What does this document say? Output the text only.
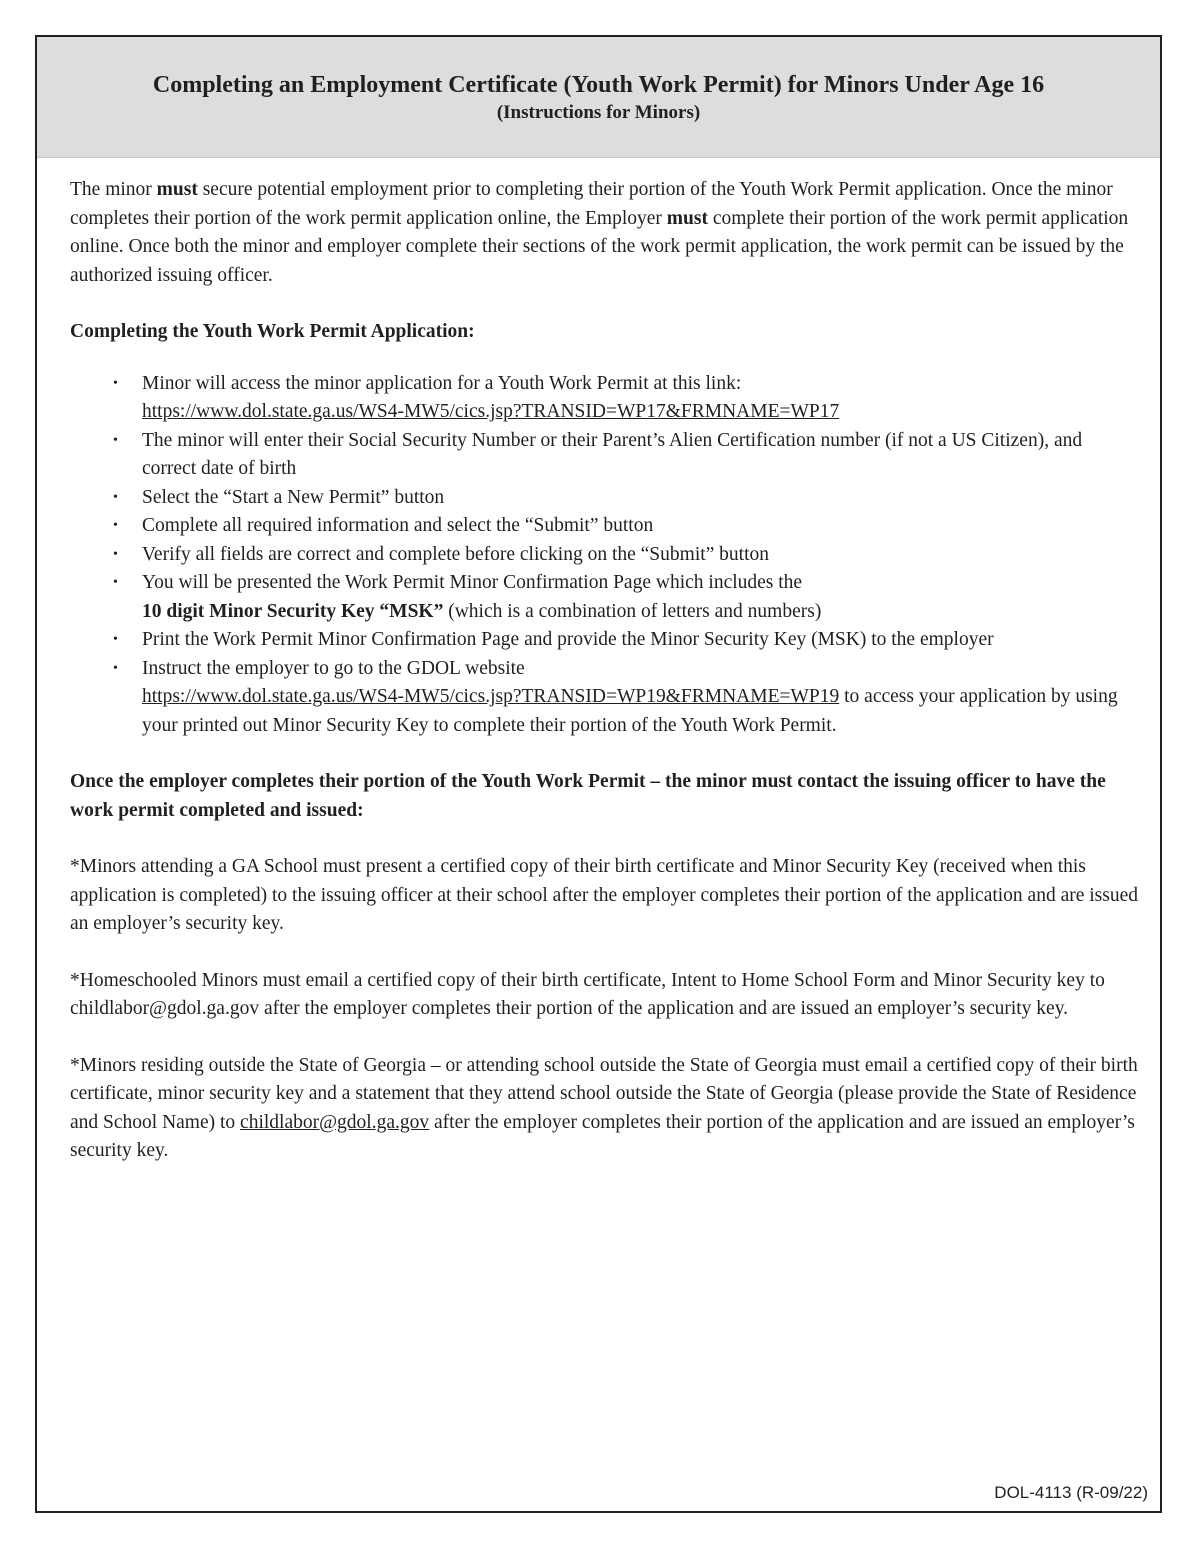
Completing an Employment Certificate (Youth Work Permit) for Minors Under Age 16

(Instructions for Minors)

The minor must secure potential employment prior to completing their portion of the Youth Work Permit application. Once the minor completes their portion of the work permit application online, the Employer must complete their portion of the work permit application online. Once both the minor and employer complete their sections of the work permit application, the work permit can be issued by the authorized issuing officer.

Completing the Youth Work Permit Application:

• Minor will access the minor application for a Youth Work Permit at this link:
https://www.dol.state.ga.us/WS4-MW5/cics.jsp?TRANSID=WP17&FRMNAME=WP17
• The minor will enter their Social Security Number or their Parent’s Alien Certification number (if not a US Citizen), and correct date of birth
• Select the “Start a New Permit” button
• Complete all required information and select the “Submit” button
• Verify all fields are correct and complete before clicking on the “Submit” button
• You will be presented the Work Permit Minor Confirmation Page which includes the
10 digit Minor Security Key “MSK” (which is a combination of letters and numbers)
• Print the Work Permit Minor Confirmation Page and provide the Minor Security Key (MSK) to the employer
• Instruct the employer to go to the GDOL website
https://www.dol.state.ga.us/WS4-MW5/cics.jsp?TRANSID=WP19&FRMNAME=WP19 to access your application by using your printed out Minor Security Key to complete their portion of the Youth Work Permit.

Once the employer completes their portion of the Youth Work Permit – the minor must contact the issuing officer to have the work permit completed and issued:

*Minors attending a GA School must present a certified copy of their birth certificate and Minor Security Key (received when this application is completed) to the issuing officer at their school after the employer completes their portion of the application and are issued an employer’s security key.

*Homeschooled Minors must email a certified copy of their birth certificate, Intent to Home School Form and Minor Security key to childlabor@gdol.ga.gov after the employer completes their portion of the application and are issued an employer’s security key.

*Minors residing outside the State of Georgia – or attending school outside the State of Georgia must email a certified copy of their birth certificate, minor security key and a statement that they attend school outside the State of Georgia (please provide the State of Residence and School Name) to childlabor@gdol.ga.gov after the employer completes their portion of the application and are issued an employer’s security key.

DOL-4113 (R-09/22)
